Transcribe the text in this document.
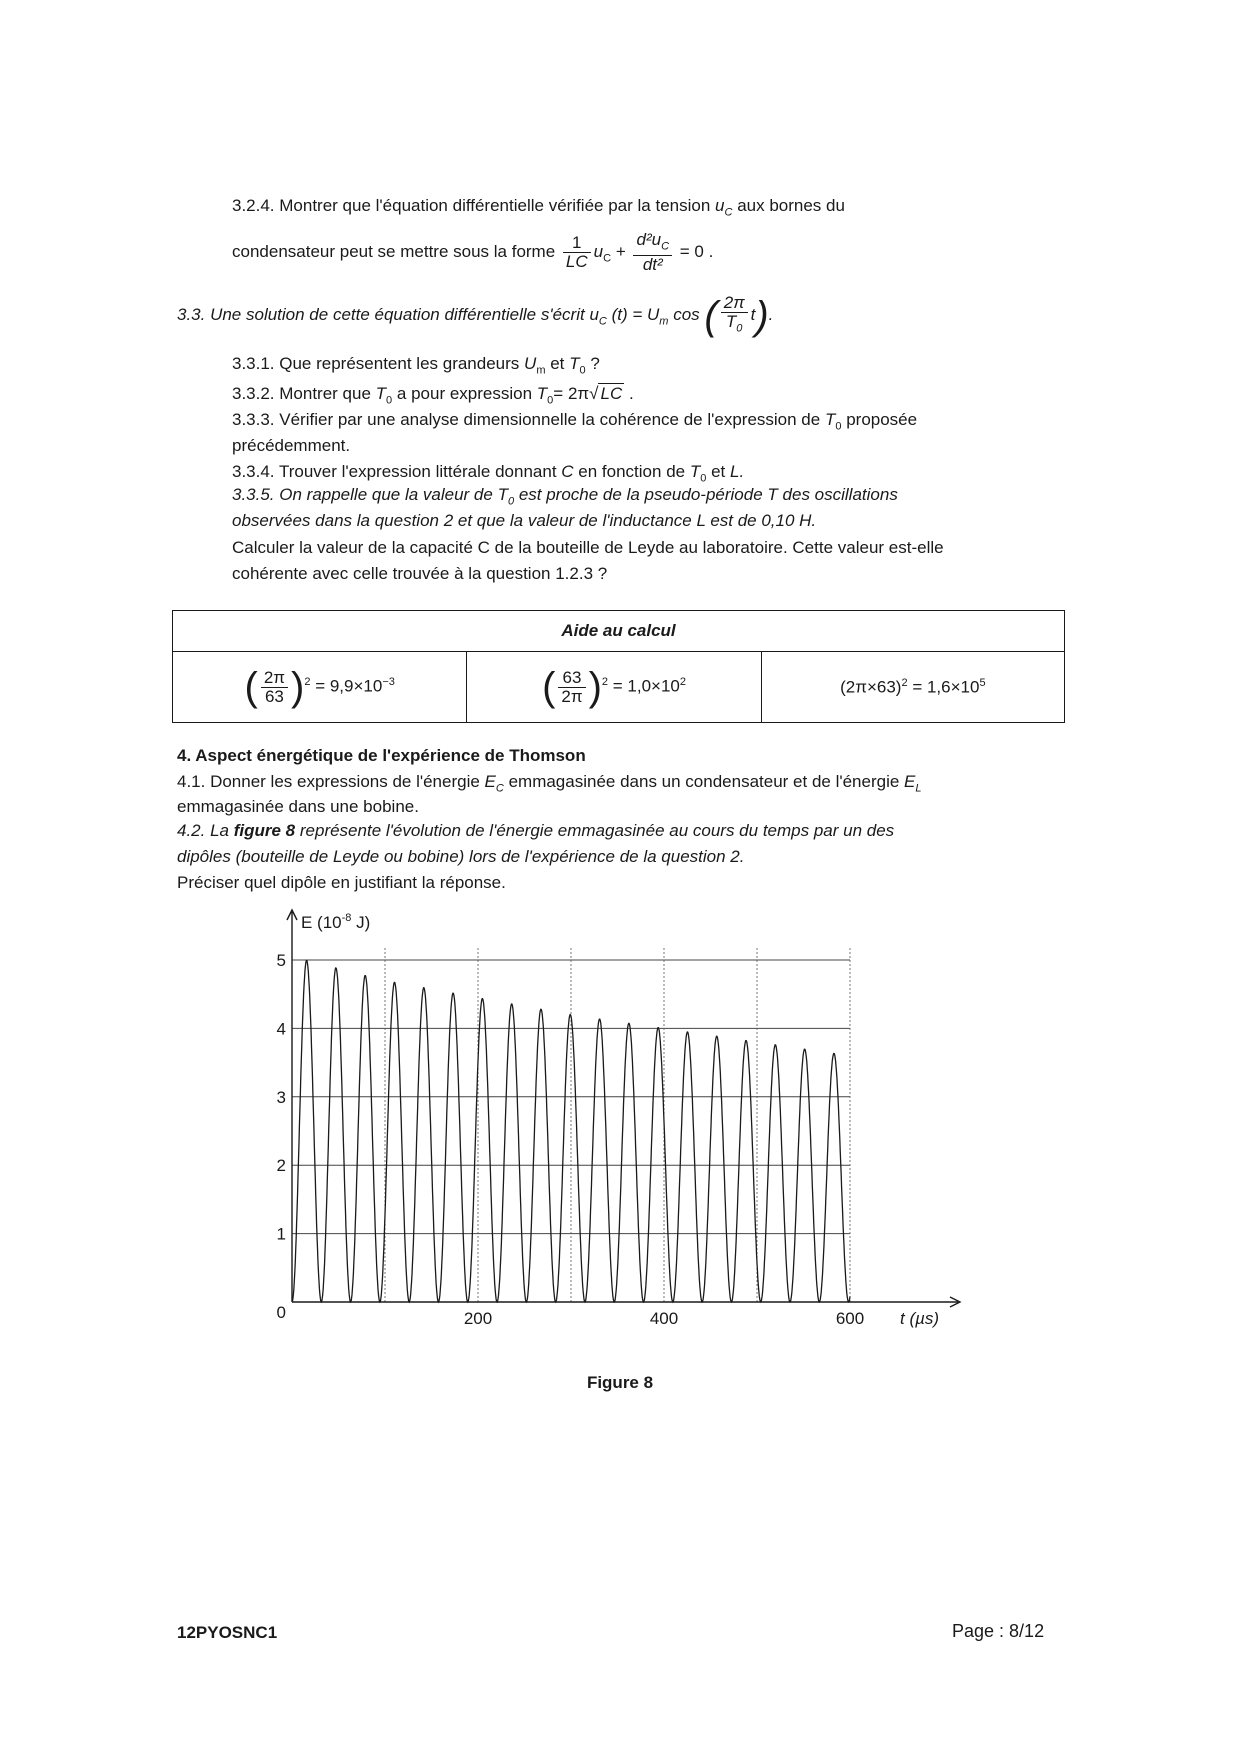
3.2.4. Montrer que l'équation différentielle vérifiée par la tension $u_C$ aux bornes du
condensateur peut se mettre sous la forme $\frac{1}{LC} u_C + \frac{d^2u_C}{\text{dt²}} = 0$ .
3.3. Une solution de cette équation différentielle s'écrit $u_C$ $(t) = U_m$ cos ( $\frac{2\pi}{T_0} t$).
3.3.1. Que représentent les grandeurs $U_m$ et $T_0$ ?
3.3.2. Montrer que $T_0$ a pour expression $T_0= 2\pi√$ LC .
3.3.3. Vérifier par une analyse dimensionnelle la cohérence de l'expression de $T_0$ proposée
précédemment.
3.3.4. Trouver l'expression littérale donnant C en fonction de $T_0$ et L.
3.3.5. On rappelle que la valeur de $T_0$ est proche de la pseudo-période T des oscillations
observées dans la question 2 et que la valeur de l'inductance L est de 0,10 H.
Calculer la valeur de la capacité C de la bouteille de Leyde au laboratoire. Cette valeur est-elle
cohérente avec celle trouvée à la question 1.2.3 ?
Aide au calcul
( $\frac{2\pi}{63} )^2 = 9,9\times 10^{-3}$	( $\frac{63}{2\pi} )^2 = 1,0\times 10^2$	$(2\pi\times 63)^2 = 1,6\times 10^5$
4. Aspect énergétique de l'expérience de Thomson
4.1. Donner les expressions de l'énergie $E_C$ emmagasinée dans un condensateur et de l'énergie $E_L$
emmagasinée dans une bobine.
4.2. La figure 8 représente l'évolution de l'énergie emmagasinée au cours du temps par un des
dipôles (bouteille de Leyde ou bobine) lors de l'expérience de la question 2.
Préciser quel dipôle en justifiant la réponse.
E ($10^{-8}$ J)
t (µs)
200	400	600
0
1
2
3
4
5
Figure 8
12PYOSNC1	Page : 8/12
